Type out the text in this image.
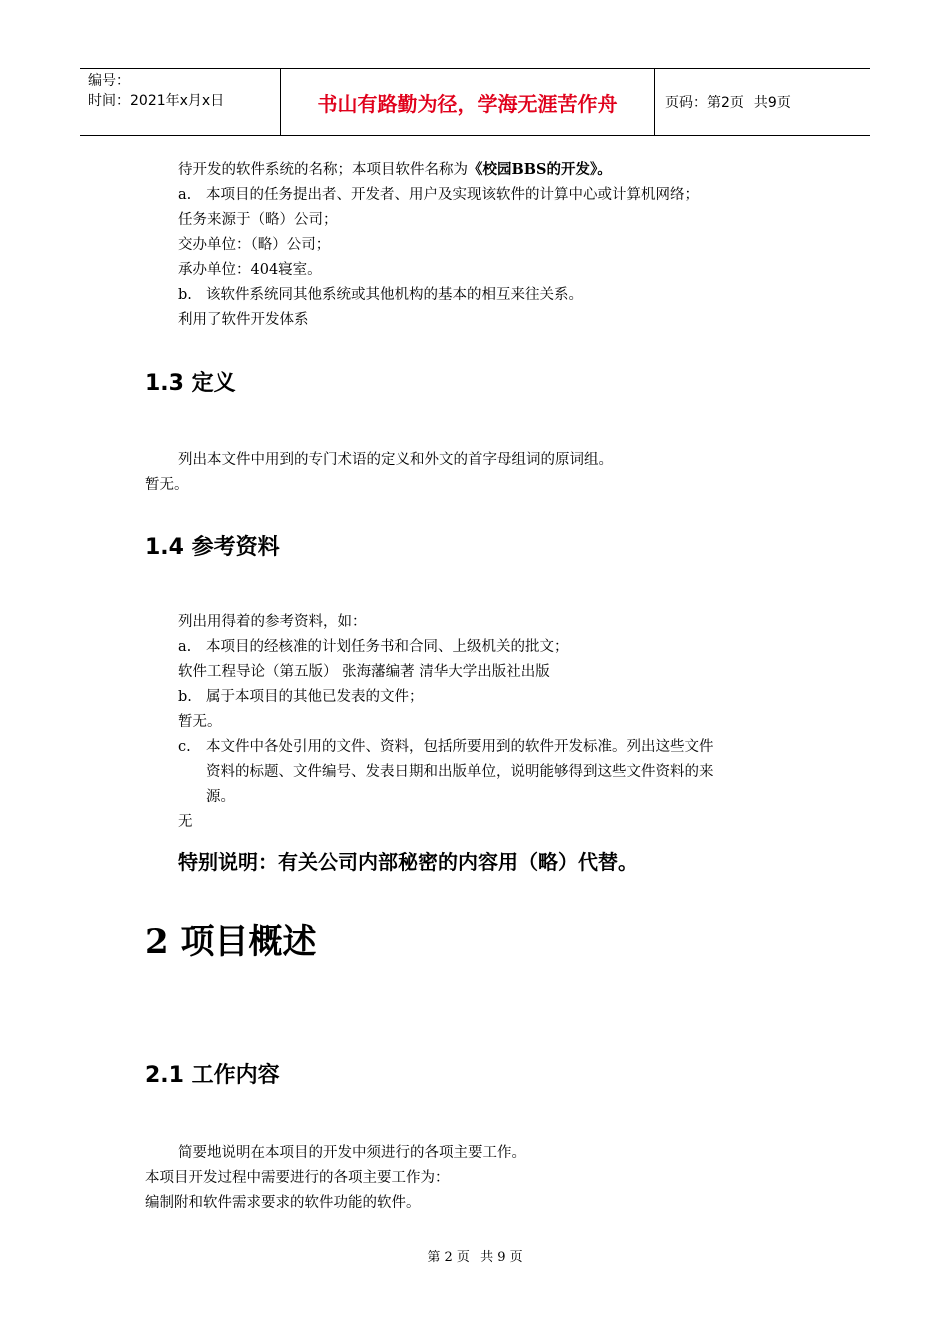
编号：
时间：2021年x月x日	书山有路勤为径，学海无涯苦作舟	页码：第2页 共9页
待开发的软件系统的名称；本项目软件名称为《校园BBS的开发》。
a. 本项目的任务提出者、开发者、用户及实现该软件的计算中心或计算机网络；
任务来源于（略）公司；
交办单位：（略）公司；
承办单位：404寝室。
b. 该软件系统同其他系统或其他机构的基本的相互来往关系。
利用了软件开发体系
1.3 定义
列出本文件中用到的专门术语的定义和外文的首字母组词的原词组。
暂无。
1.4 参考资料
列出用得着的参考资料，如：
a. 本项目的经核准的计划任务书和合同、上级机关的批文；
软件工程导论（第五版） 张海藩编著 清华大学出版社出版
b. 属于本项目的其他已发表的文件；
暂无。
c. 本文件中各处引用的文件、资料，包括所要用到的软件开发标准。列出这些文件
资料的标题、文件编号、发表日期和出版单位，说明能够得到这些文件资料的来
源。
无
特别说明：有关公司内部秘密的内容用（略）代替。
2 项目概述
2.1 工作内容
简要地说明在本项目的开发中须进行的各项主要工作。
本项目开发过程中需要进行的各项主要工作为：
编制附和软件需求要求的软件功能的软件。
第 2 页 共 9 页
